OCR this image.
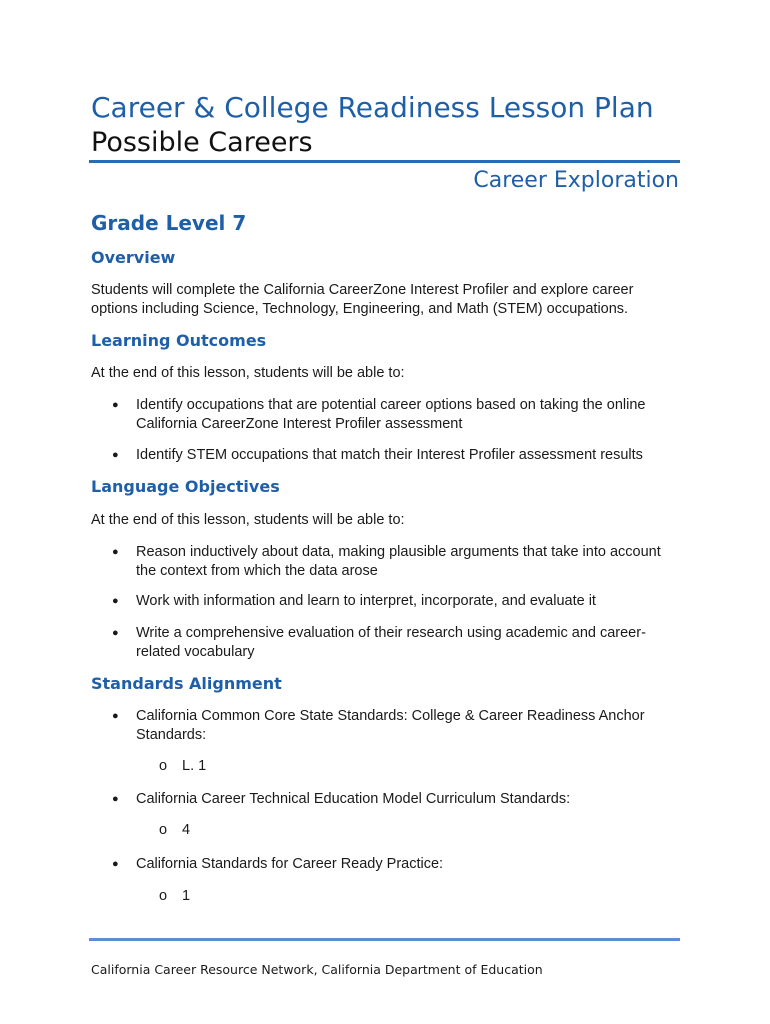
Career & College Readiness Lesson Plan
Possible Careers
Career Exploration
Grade Level 7
Overview
Students will complete the California CareerZone Interest Profiler and explore career options including Science, Technology, Engineering, and Math (STEM) occupations.
Learning Outcomes
At the end of this lesson, students will be able to:
●	Identify occupations that are potential career options based on taking the online California CareerZone Interest Profiler assessment
●	Identify STEM occupations that match their Interest Profiler assessment results
Language Objectives
At the end of this lesson, students will be able to:
●	Reason inductively about data, making plausible arguments that take into account the context from which the data arose
●	Work with information and learn to interpret, incorporate, and evaluate it
●	Write a comprehensive evaluation of their research using academic and career-related vocabulary
Standards Alignment
●	California Common Core State Standards: College & Career Readiness Anchor Standards:
o L. 1
●	California Career Technical Education Model Curriculum Standards:
o 4
●	California Standards for Career Ready Practice:
o 1
California Career Resource Network, California Department of Education
